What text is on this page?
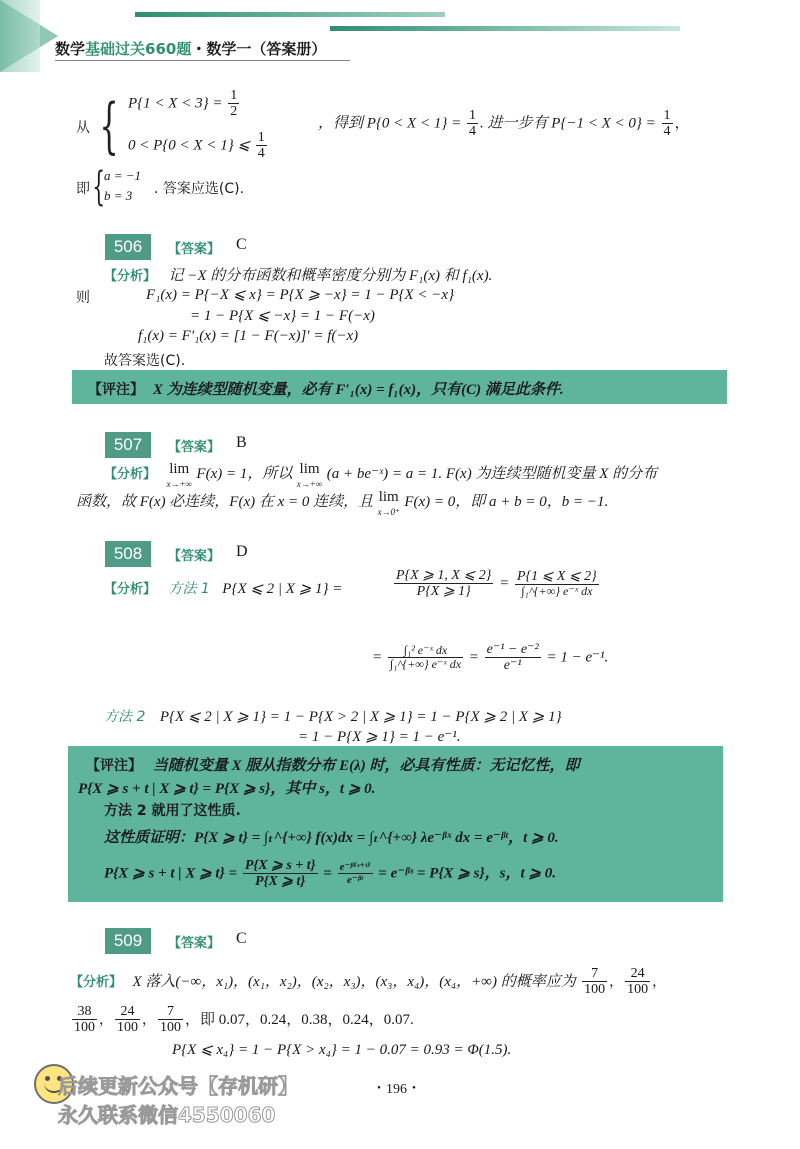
数学基础过关660题・数学一（答案册）
从 { $P\{1 < X < 3\} = \frac{1}{2}$
0 < P{0 < X < 1} ⩽ $\frac{1}{4}$
，得到 $P\{0 < X < 1\} = \frac{1}{4}$ . 进一步有 $P\{-1 < X < 0\} = \frac{1}{4}$ ，
即 {
a = −1
b = 3 . 答案应选(C).
506	【答案】 C
【分析】 记 −X 的分布函数和概率密度分别为 F₁(x) 和 f₁(x).
则	F₁(x) = P{−X ⩽ x} = P{X ⩾ −x} = 1 − P{X < −x}
= 1 − P{X ⩽ −x} = 1 − F(−x)
f₁(x) = F′₁(x) = [1 − F(−x)]′ = f(−x)
故答案选(C).
【评注】 X 为连续型随机变量，必有 F′₁(x) = f₁(x)，只有(C) 满足此条件.
507	【答案】 B
【分析】 lim
x→+∞ F(x) = 1，所以 lim
x→+∞ (a + be⁻ˣ) = a = 1. F(x) 为连续型随机变量 X 的分布
函数，故 F(x) 必连续，F(x) 在 x = 0 连续，且 lim
x→0⁺ F(x) = 0，即 a + b = 0，b = −1.
508	【答案】 D
【分析】 方法 1 P{X ⩽ 2 | X ⩾ 1} =	$\frac{P\{X ⩾ 1, X ⩽ 2\}}{P\{X ⩾ 1\}} = \frac{P\{1 ⩽ X ⩽ 2\}}{\text{∫₁\textasciicircum{}\{+∞\} e⁻ˣ dx}}$
= $\frac{\text{∫₁² e⁻ˣ dx}}{\text{∫₁\textasciicircum{}\{+∞\} e⁻ˣ dx}} = \frac{\text{e⁻¹ − e⁻²}}{\text{e⁻¹}} = 1 - e^{-1}$.
方法 2 P{X ⩽ 2 | X ⩾ 1} = 1 − P{X > 2 | X ⩾ 1} = 1 − P{X ⩾ 2 | X ⩾ 1}
= 1 − P{X ⩾ 1} = 1 − e⁻¹.
【评注】 当随机变量 X 服从指数分布 E(λ) 时，必具有性质：无记忆性，即
P{X ⩾ s + t | X ⩾ t} = P{X ⩾ s}，其中 s，t ⩾ 0.
方法 2 就用了这性质.
这性质证明：P{X ⩾ t} = ∫ₜ^{+∞} f(x)dx = ∫ₜ^{+∞} λe⁻ᵝˣ dx = e⁻ᵝᵗ，t ⩾ 0.
P{X ⩾ s + t | X ⩾ $t\} = \frac{P\{X ⩾ s + t\}}{P\{X ⩾ t\}} = \frac{\text{e⁻ᵝ⁽ˢ⁺ᵗ⁾}}{\text{e⁻ᵝᵗ}}$ = e⁻ᵝˢ = P{X ⩾ s}，s，t ⩾ 0.
509	【答案】 C
【分析】 X 落入(−∞，x₁)，(x₁，x₂)，(x₂，x₃)，(x₃，x₄)，(x₄，+∞) 的概率应为 $\frac{7}{100}$ ， $\frac{24}{100}$ ，
$\frac{38}{100}$ ， $\frac{24}{100}$ ， $\frac{7}{100}$ ，即 0.07，0.24，0.38，0.24，0.07.
P{X ⩽ x₄} = 1 − P{X > x₄} = 1 − 0.07 = 0.93 = Φ(1.5).
・196・
后续更新公众号【存机研】
永久联系微信4550060
